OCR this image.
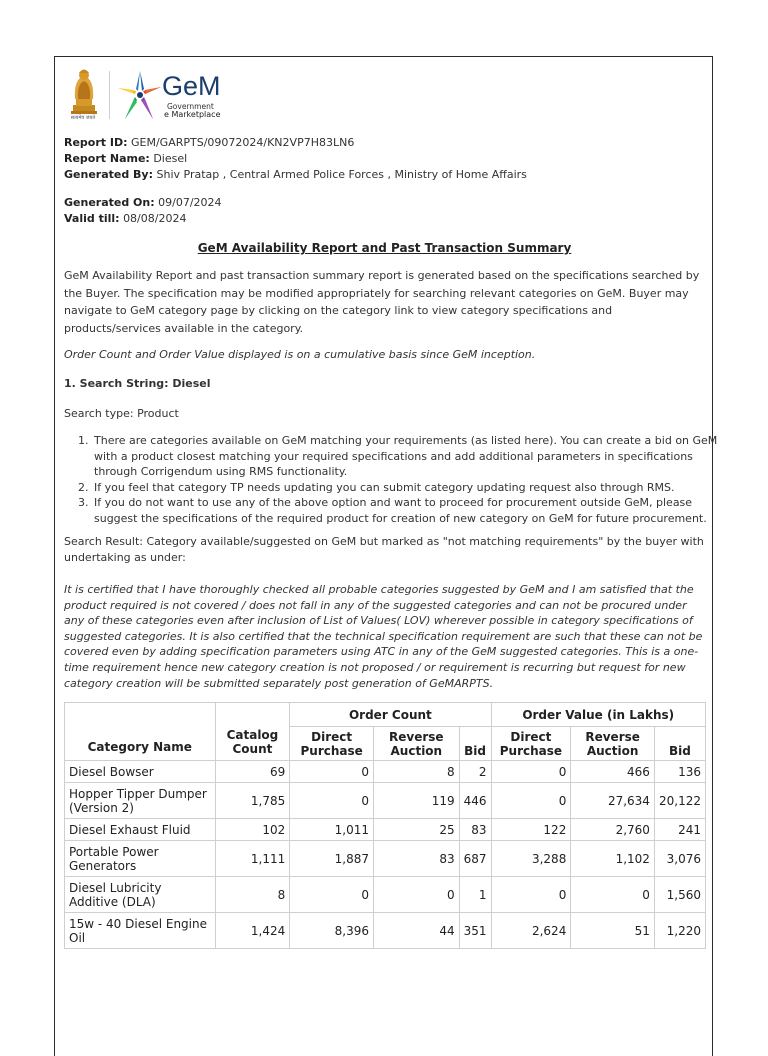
सत्यमेव जयते
GeM
Government
e Marketplace
Report ID: GEM/GARPTS/09072024/KN2VP7H83LN6
Report Name: Diesel
Generated By: Shiv Pratap , Central Armed Police Forces , Ministry of Home Affairs
Generated On: 09/07/2024
Valid till: 08/08/2024
GeM Availability Report and Past Transaction Summary
GeM Availability Report and past transaction summary report is generated based on the specifications searched by the Buyer. The specification may be modified appropriately for searching relevant categories on GeM. Buyer may navigate to GeM category page by clicking on the category link to view category specifications and products/services available in the category.
Order Count and Order Value displayed is on a cumulative basis since GeM inception.
1. Search String: Diesel
Search type: Product
1. There are categories available on GeM matching your requirements (as listed here). You can create a bid on GeM with a product closest matching your required specifications and add additional parameters in specifications through Corrigendum using RMS functionality.
2. If you feel that category TP needs updating you can submit category updating request also through RMS.
3. If you do not want to use any of the above option and want to proceed for procurement outside GeM, please suggest the specifications of the required product for creation of new category on GeM for future procurement.
Search Result: Category available/suggested on GeM but marked as "not matching requirements" by the buyer with undertaking as under:
It is certified that I have thoroughly checked all probable categories suggested by GeM and I am satisfied that the product required is not covered / does not fall in any of the suggested categories and can not be procured under any of these categories even after inclusion of List of Values( LOV) wherever possible in category specifications of suggested categories. It is also certified that the technical specification requirement are such that these can not be covered even by adding specification parameters using ATC in any of the GeM suggested categories. This is a one-time requirement hence new category creation is not proposed / or requirement is recurring but request for new category creation will be submitted separately post generation of GeMARPTS.
Category Name	Catalog Count	Order Count			Order Value (in Lakhs)		
		Direct Purchase	Reverse Auction	Bid	Direct Purchase	Reverse Auction	Bid
Diesel Bowser	69	0	8	2	0	466	136
Hopper Tipper Dumper (Version 2)	1,785	0	119	446	0	27,634	20,122
Diesel Exhaust Fluid	102	1,011	25	83	122	2,760	241
Portable Power Generators	1,111	1,887	83	687	3,288	1,102	3,076
Diesel Lubricity Additive (DLA)	8	0	0	1	0	0	1,560
15w - 40 Diesel Engine Oil	1,424	8,396	44	351	2,624	51	1,220
